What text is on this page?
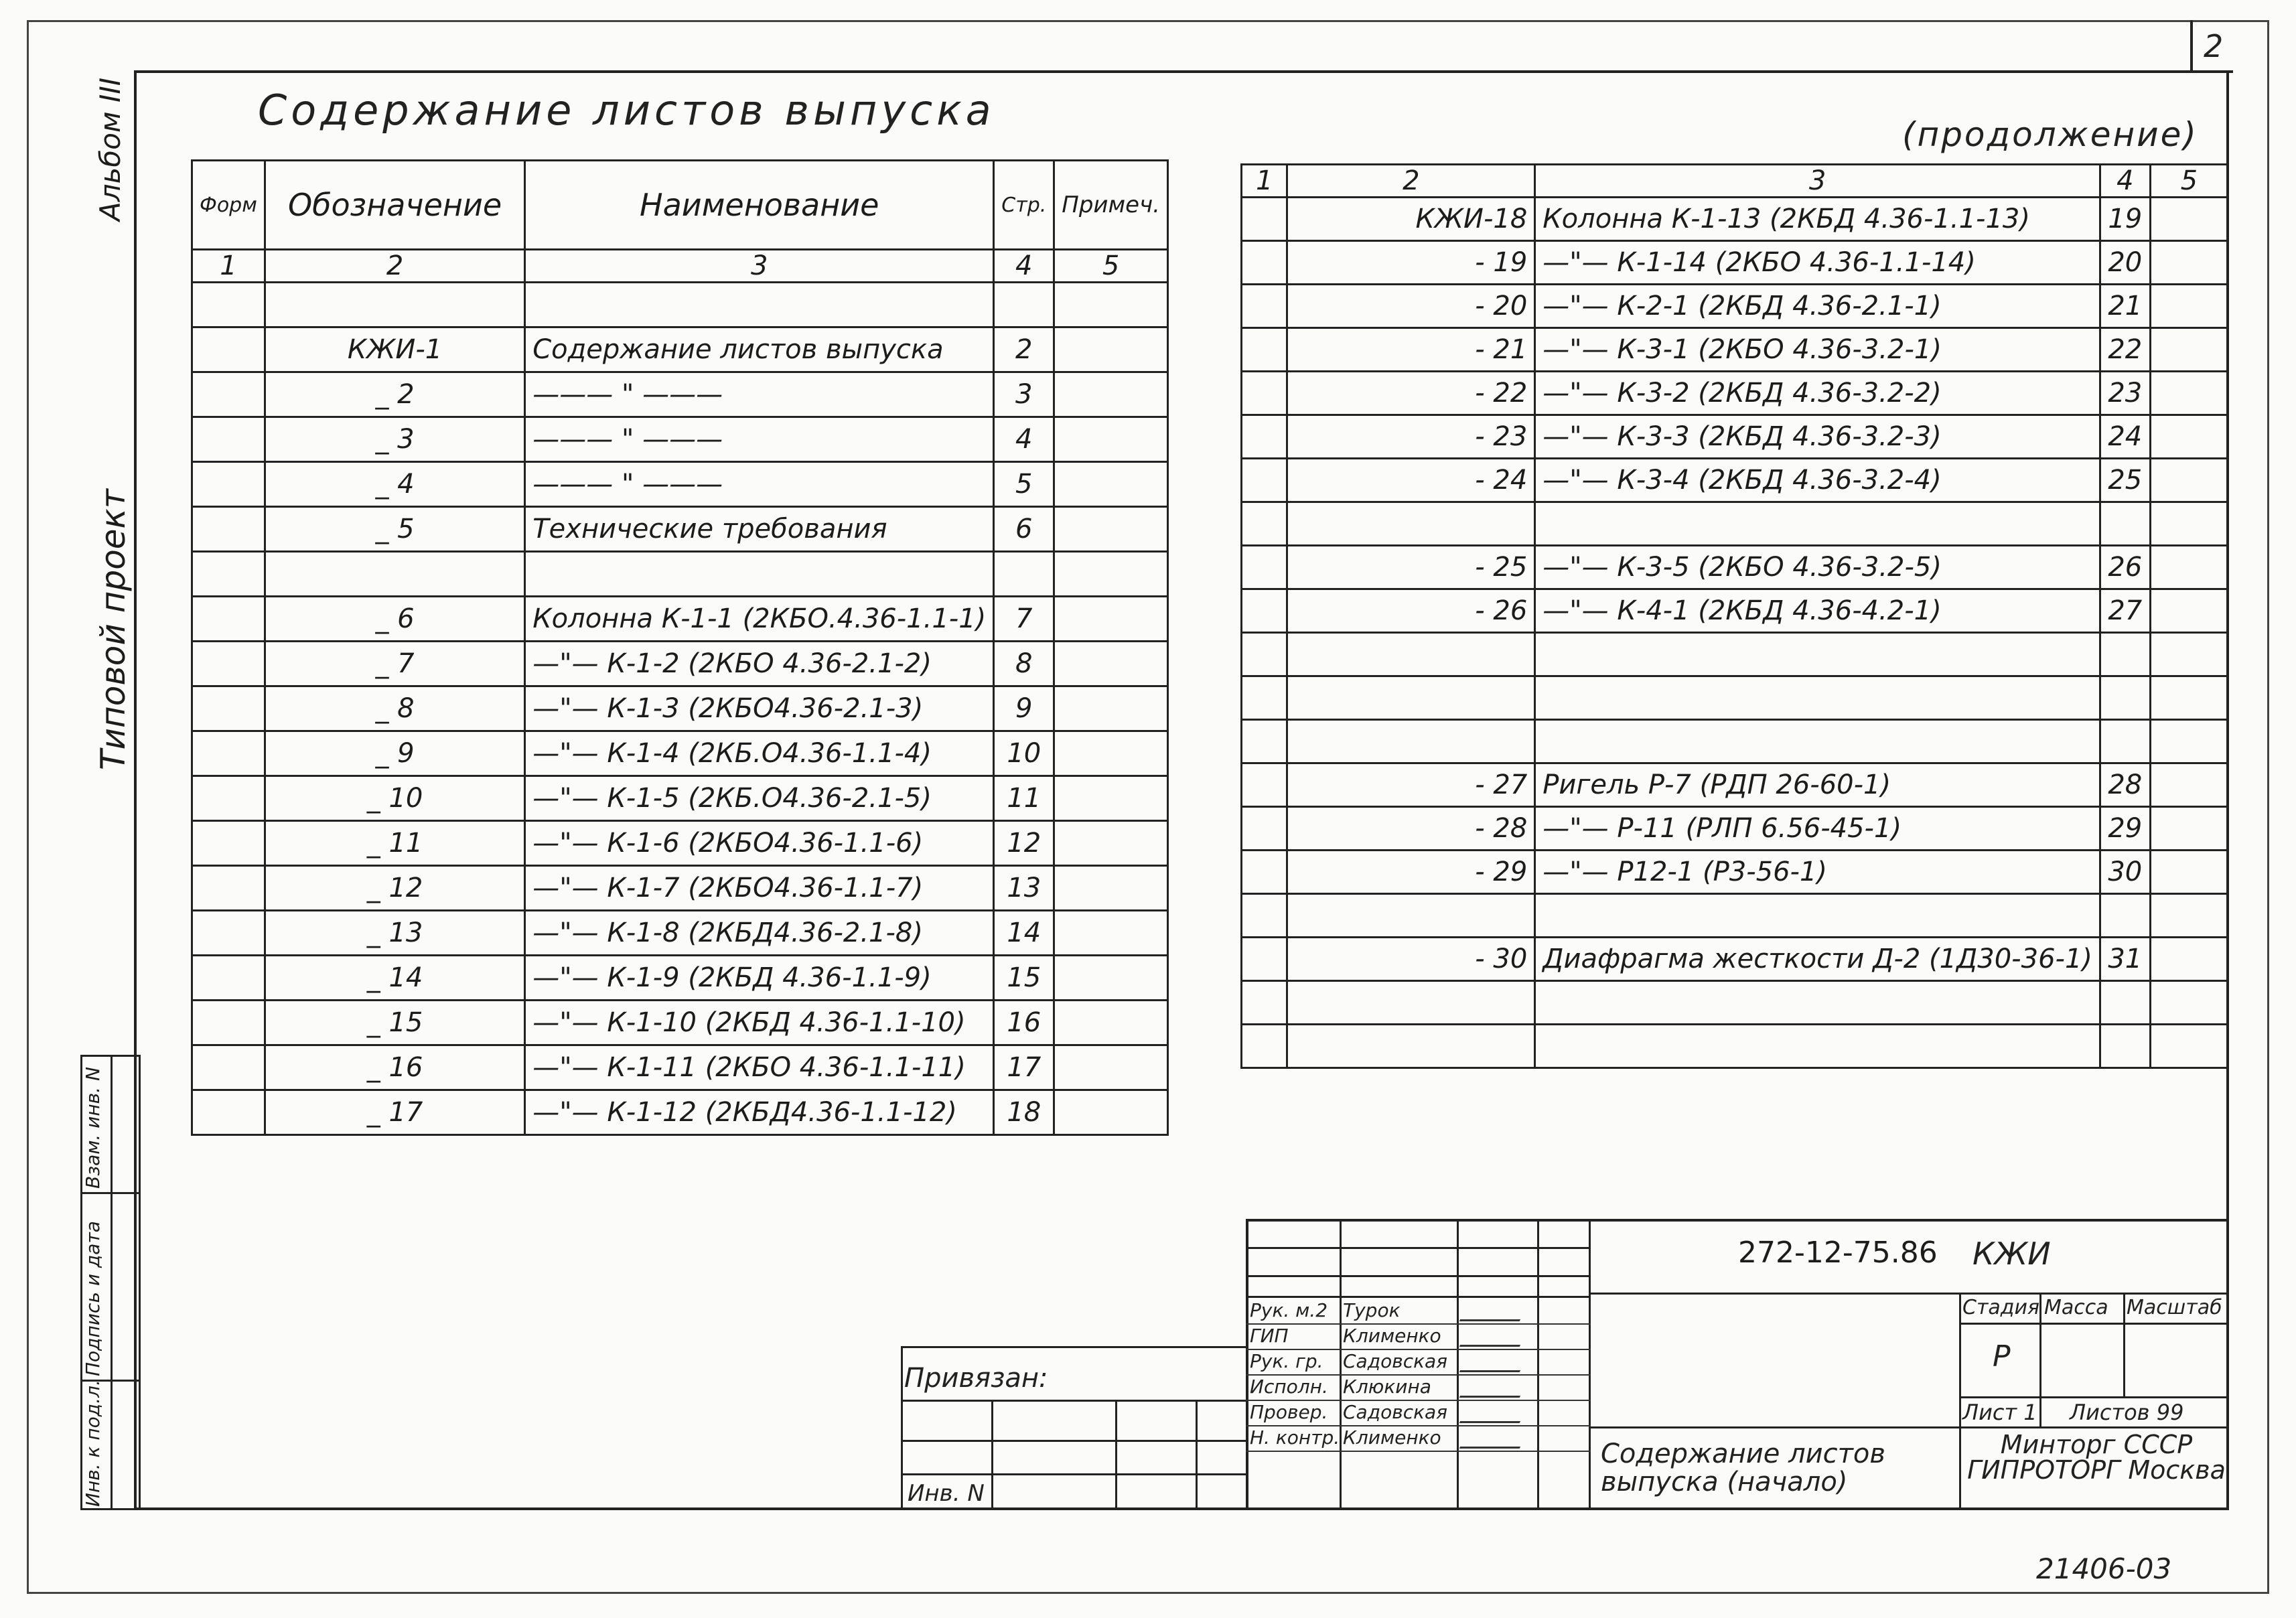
2
Альбом III
Типовой проект
Взам. инв. N
Подпись и дата
Инв. к под.л.
Содержание листов выпуска	(продолжение)
Форм	Обозначение	Наименование	Стр.	Примеч.
1	2	3	4	5

	КЖИ-1	Содержание листов выпуска	2	
	_ 2	——— " ———	3	
	_ 3	——— " ———	4	
	_ 4	——— " ———	5	
	_ 5	Технические требования	6	

	_ 6	Колонна К-1-1 (2КБО.4.36-1.1-1)	7	
	_ 7	—"— К-1-2 (2КБО 4.36-2.1-2)	8	
	_ 8	—"— К-1-3 (2КБО4.36-2.1-3)	9	
	_ 9	—"— К-1-4 (2КБ.О4.36-1.1-4)	10	
	_ 10	—"— К-1-5 (2КБ.О4.36-2.1-5)	11	
	_ 11	—"— К-1-6 (2КБО4.36-1.1-6)	12	
	_ 12	—"— К-1-7 (2КБО4.36-1.1-7)	13	
	_ 13	—"— К-1-8 (2КБД4.36-2.1-8)	14	
	_ 14	—"— К-1-9 (2КБД 4.36-1.1-9)	15	
	_ 15	—"— К-1-10 (2КБД 4.36-1.1-10)	16	
	_ 16	—"— К-1-11 (2КБО 4.36-1.1-11)	17	
	_ 17	—"— К-1-12 (2КБД4.36-1.1-12)	18	
1	2	3	4	5
	КЖИ-18	Колонна К-1-13 (2КБД 4.36-1.1-13)	19	
	- 19	—"— К-1-14 (2КБО 4.36-1.1-14)	20	
	- 20	—"— К-2-1 (2КБД 4.36-2.1-1)	21	
	- 21	—"— К-3-1 (2КБО 4.36-3.2-1)	22	
	- 22	—"— К-3-2 (2КБД 4.36-3.2-2)	23	
	- 23	—"— К-3-3 (2КБД 4.36-3.2-3)	24	
	- 24	—"— К-3-4 (2КБД 4.36-3.2-4)	25	

	- 25	—"— К-3-5 (2КБО 4.36-3.2-5)	26	
	- 26	—"— К-4-1 (2КБД 4.36-4.2-1)	27	

	- 27	Ригель Р-7 (РДП 26-60-1)	28	
	- 28	—"— Р-11 (РЛП 6.56-45-1)	29	
	- 29	—"— Р12-1 (Р3-56-1)	30	

	- 30	Диафрагма жесткости Д-2 (1Д30-36-1)	31	

Привязан:
Инв. N
Рук. м.2 Турок
ГИП	Клименко
Рук. гр. Садовская
Исполн. Клюкина
Провер. Садовская
Н. контр. Клименко
272-12-75.86 КЖИ
Стадия Масса Масштаб
Р
Лист 1 Листов 99
Содержание листов выпуска (начало)
Минторг СССР ГИПРОТОРГ Москва
21406-03
